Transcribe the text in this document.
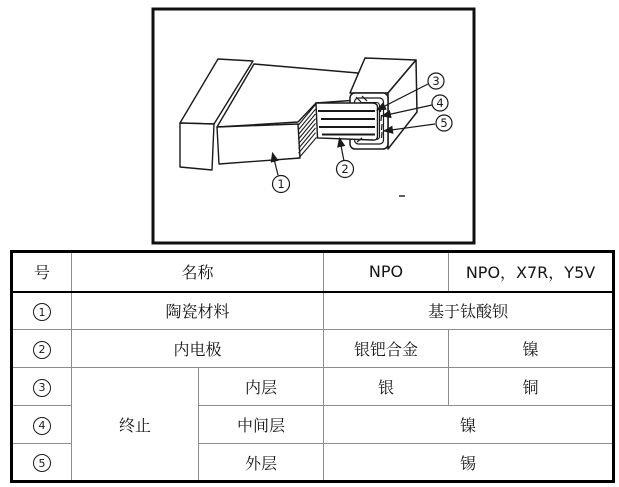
1
2
3
4
5
号	名称		NPO	NPO，X7R，Y5V
1	陶瓷材料		基于钛酸钡	
2	内电极		银钯合金	镍
3	终止	内层	银	铜
4		中间层	镍	
5		外层	锡	
